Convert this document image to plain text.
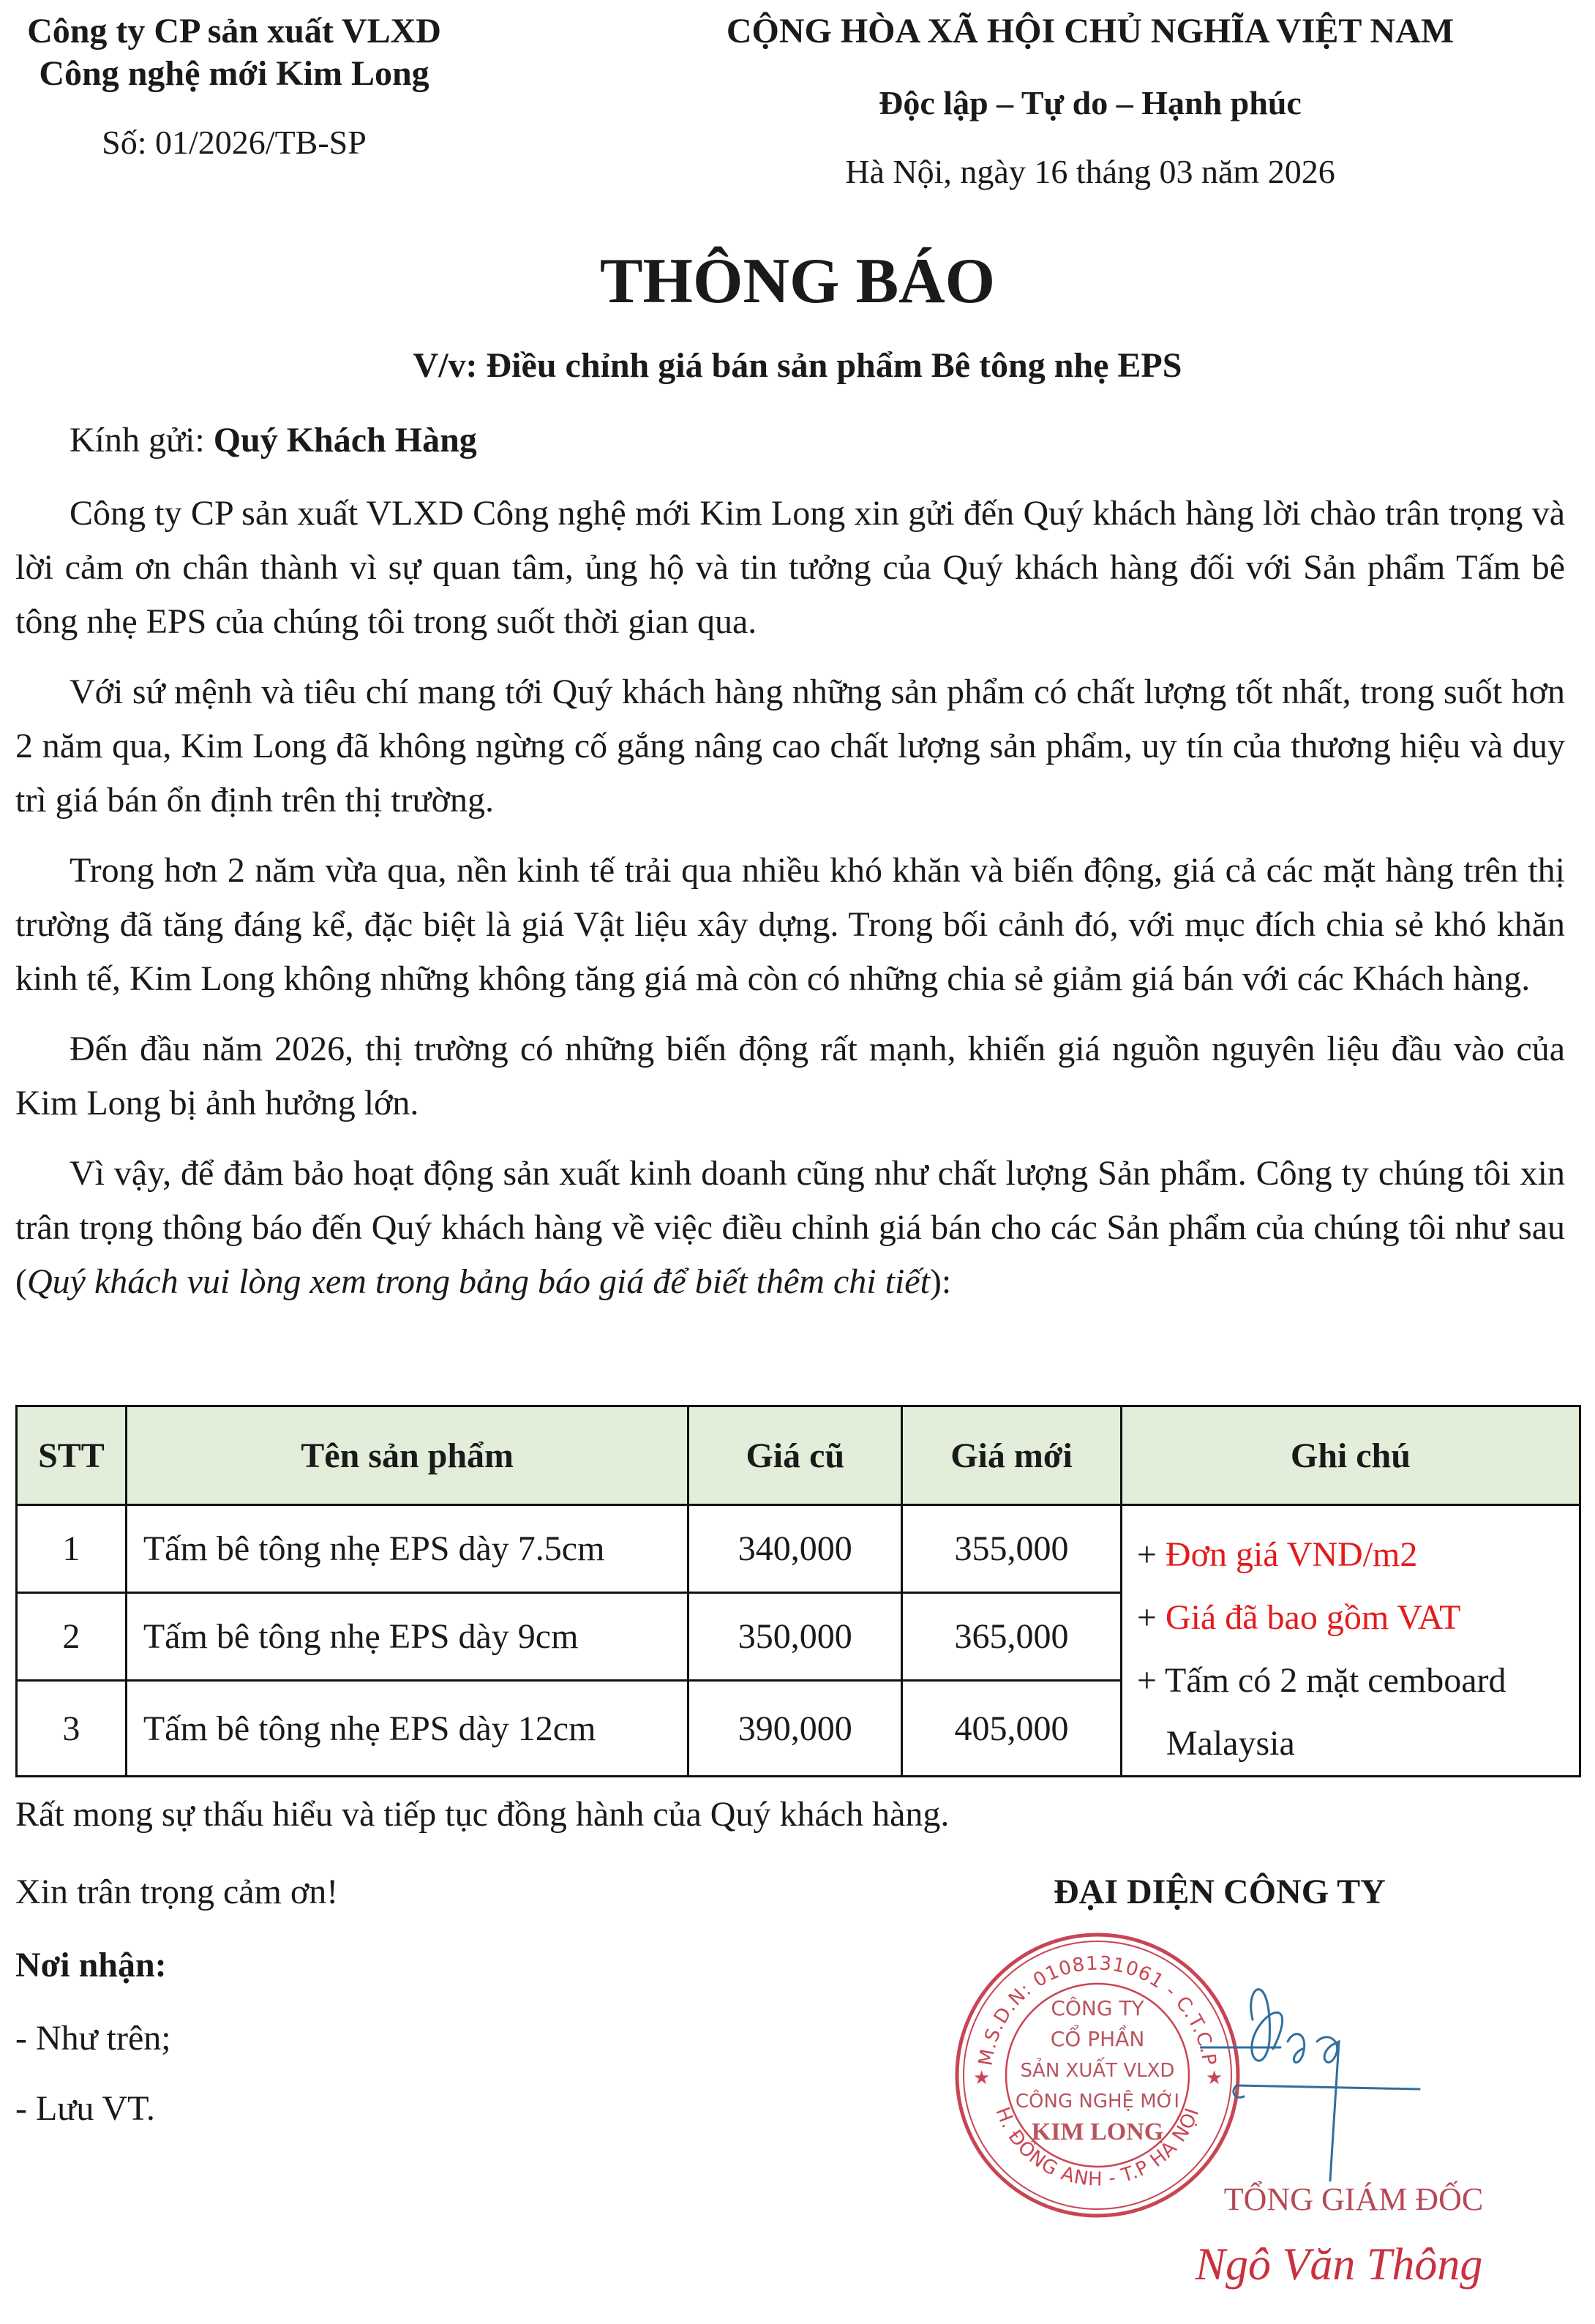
Công ty CP sản xuất VLXD
Công nghệ mới Kim Long
Số: 01/2026/TB-SP
CỘNG HÒA XÃ HỘI CHỦ NGHĨA VIỆT NAM
Độc lập – Tự do – Hạnh phúc
Hà Nội, ngày 16 tháng 03 năm 2026
THÔNG BÁO
V/v: Điều chỉnh giá bán sản phẩm Bê tông nhẹ EPS
Kính gửi: Quý Khách Hàng

Công ty CP sản xuất VLXD Công nghệ mới Kim Long xin gửi đến Quý khách hàng lời chào trân trọng và lời cảm ơn chân thành vì sự quan tâm, ủng hộ và tin tưởng của Quý khách hàng đối với Sản phẩm Tấm bê tông nhẹ EPS của chúng tôi trong suốt thời gian qua.

Với sứ mệnh và tiêu chí mang tới Quý khách hàng những sản phẩm có chất lượng tốt nhất, trong suốt hơn 2 năm qua, Kim Long đã không ngừng cố gắng nâng cao chất lượng sản phẩm, uy tín của thương hiệu và duy trì giá bán ổn định trên thị trường.

Trong hơn 2 năm vừa qua, nền kinh tế trải qua nhiều khó khăn và biến động, giá cả các mặt hàng trên thị trường đã tăng đáng kể, đặc biệt là giá Vật liệu xây dựng. Trong bối cảnh đó, với mục đích chia sẻ khó khăn kinh tế, Kim Long không những không tăng giá mà còn có những chia sẻ giảm giá bán với các Khách hàng.

Đến đầu năm 2026, thị trường có những biến động rất mạnh, khiến giá nguồn nguyên liệu đầu vào của Kim Long bị ảnh hưởng lớn.

Vì vậy, để đảm bảo hoạt động sản xuất kinh doanh cũng như chất lượng Sản phẩm. Công ty chúng tôi xin trân trọng thông báo đến Quý khách hàng về việc điều chỉnh giá bán cho các Sản phẩm của chúng tôi như sau (Quý khách vui lòng xem trong bảng báo giá để biết thêm chi tiết):

STT	Tên sản phẩm	Giá cũ	Giá mới	Ghi chú
1	Tấm bê tông nhẹ EPS dày 7.5cm	340,000	355,000	+ Đơn giá VND/m2
+ Giá đã bao gồm VAT
+ Tấm có 2 mặt cemboard
Malaysia

2	Tấm bê tông nhẹ EPS dày 9cm	350,000	365,000	
3	Tấm bê tông nhẹ EPS dày 12cm	390,000	405,000	
Rất mong sự thấu hiểu và tiếp tục đồng hành của Quý khách hàng.
Xin trân trọng cảm ơn!
Nơi nhận:
- Như trên;
- Lưu VT.
M.S.D.N: 0108131061 - C.T.C.P
H. ĐÔNG ANH - T.P HÀ NỘI
★	★
CÔNG TY
CỔ PHẦN
SẢN XUẤT VLXD
CÔNG NGHỆ MỚI
KIM LONG
ĐẠI DIỆN CÔNG TY
TỔNG GIÁM ĐỐC
Ngô Văn Thông
